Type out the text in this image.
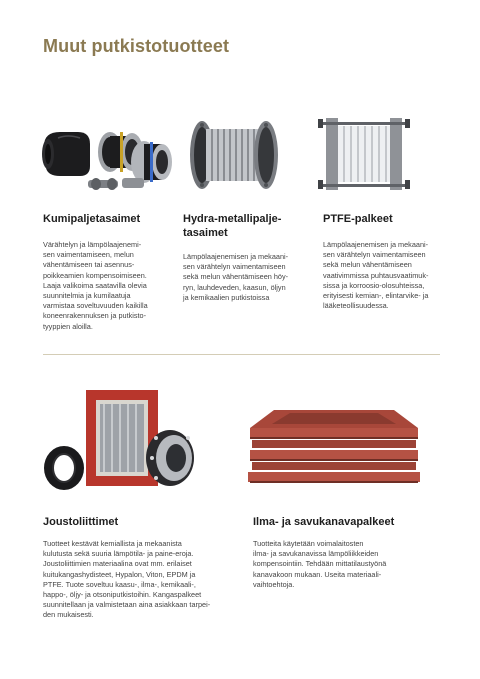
Muut putkistotuotteet
Kumipaljetasaimet

Värähtelyn ja lämpölaajenemi-
sen vaimentamiseen, melun
vähentämiseen tai asennus-
poikkeamien kompensoimiseen.
Laaja valikoima saatavilla olevia
suunnitelmia ja kumilaatuja
varmistaa soveltuvuuden kaikilla
koneenrakennuksen ja putkisto-
tyyppien aloilla.

Hydra-metallipalje-
tasaimet

Lämpölaajenemisen ja mekaani-
sen värähtelyn vaimentamiseen
sekä melun vähentämiseen höy-
ryn, lauhdeveden, kaasun, öljyn
ja kemikaalien putkistoissa

PTFE-palkeet

Lämpölaajenemisen ja mekaani-
sen värähtelyn vaimentamiseen
sekä melun vähentämiseen
vaativimmissa puhtausvaatimuk-
sissa ja korroosio-olosuhteissa,
erityisesti kemian-, elintarvike- ja
lääketeollisuudessa.

Joustoliittimet

Tuotteet kestävät kemiallista ja mekaanista
kulutusta sekä suuria lämpötila- ja paine-eroja.
Joustoliittimien materiaalina ovat mm. erilaiset
kuitukangashydisteet, Hypalon, Viton, EPDM ja
PTFE. Tuote soveltuu kaasu-, ilma-, kemikaali-,
happo-, öljy- ja otsoniputkistoihin. Kangaspalkeet
suunnitellaan ja valmistetaan aina asiakkaan tarpei-
den mukaisesti.

Ilma- ja savukanavapalkeet

Tuotteita käytetään voimalaitosten
ilma- ja savukanavissa lämpöliikkeiden
kompensointiin. Tehdään mittatilaustyönä
kanavakoon mukaan. Useita materiaali-
vaihtoehtoja.
